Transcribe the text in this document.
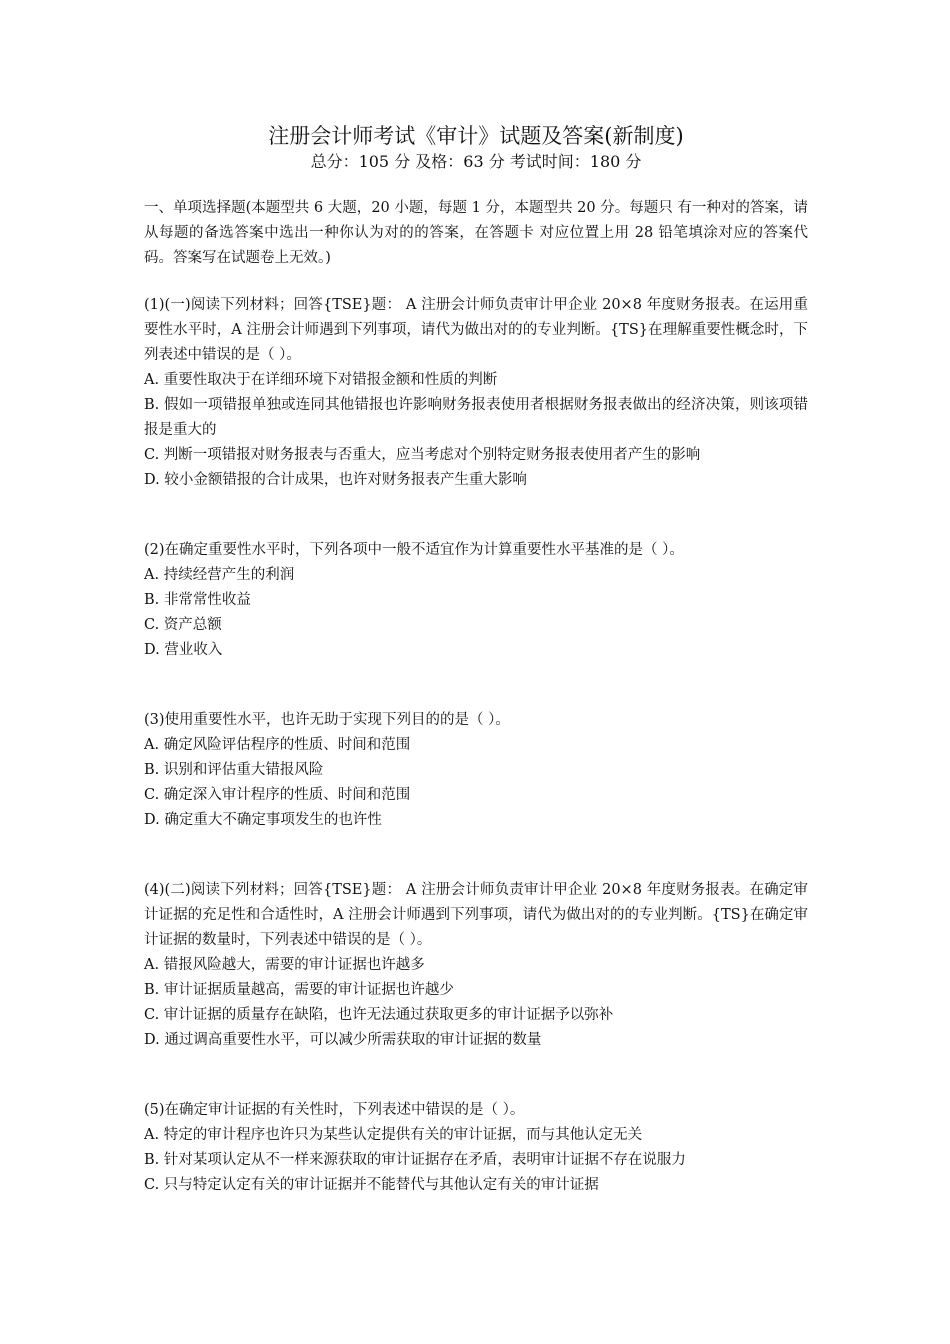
注册会计师考试《审计》试题及答案(新制度)
总分：105 分 及格：63 分 考试时间：180 分
一、单项选择题(本题型共 6 大题，20 小题，每题 1 分，本题型共 20 分。每题只 有一种对的答案，请从每题的备选答案中选出一种你认为对的的答案，在答题卡 对应位置上用 28 铅笔填涂对应的答案代码。答案写在试题卷上无效。)
(1)(一)阅读下列材料；回答{TSE}题： A 注册会计师负责审计甲企业 20×8 年度财务报表。在运用重要性水平时，A 注册会计师遇到下列事项，请代为做出对的的专业判断。{TS}在理解重要性概念时，下列表述中错误的是（ ）。
A. 重要性取决于在详细环境下对错报金额和性质的判断
B. 假如一项错报单独或连同其他错报也许影响财务报表使用者根据财务报表做出的经济决策，则该项错报是重大的
C. 判断一项错报对财务报表与否重大，应当考虑对个别特定财务报表使用者产生的影响
D. 较小金额错报的合计成果，也许对财务报表产生重大影响
(2)在确定重要性水平时，下列各项中一般不适宜作为计算重要性水平基准的是（ ）。
A. 持续经营产生的利润
B. 非常常性收益
C. 资产总额
D. 营业收入
(3)使用重要性水平，也许无助于实现下列目的的是（ ）。
A. 确定风险评估程序的性质、时间和范围
B. 识别和评估重大错报风险
C. 确定深入审计程序的性质、时间和范围
D. 确定重大不确定事项发生的也许性
(4)(二)阅读下列材料；回答{TSE}题： A 注册会计师负责审计甲企业 20×8 年度财务报表。在确定审计证据的充足性和合适性时，A 注册会计师遇到下列事项，请代为做出对的的专业判断。{TS}在确定审计证据的数量时，下列表述中错误的是（ ）。
A. 错报风险越大，需要的审计证据也许越多
B. 审计证据质量越高，需要的审计证据也许越少
C. 审计证据的质量存在缺陷，也许无法通过获取更多的审计证据予以弥补
D. 通过调高重要性水平，可以减少所需获取的审计证据的数量
(5)在确定审计证据的有关性时，下列表述中错误的是（ ）。
A. 特定的审计程序也许只为某些认定提供有关的审计证据，而与其他认定无关
B. 针对某项认定从不一样来源获取的审计证据存在矛盾，表明审计证据不存在说服力
C. 只与特定认定有关的审计证据并不能替代与其他认定有关的审计证据
